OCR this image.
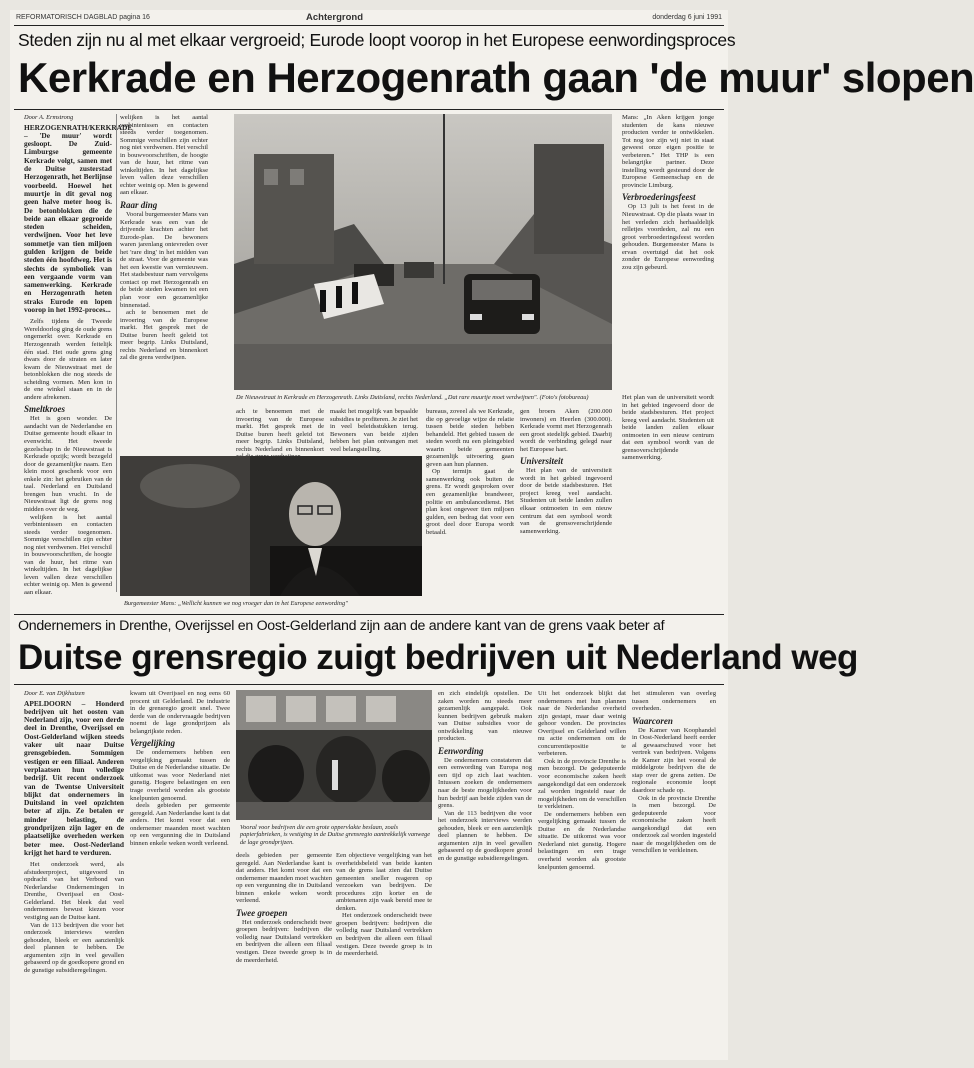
REFORMATORISCH DAGBLAD pagina 16	Achtergrond	donderdag 6 juni 1991
Steden zijn nu al met elkaar vergroeid; Eurode loopt voorop in het Europese eenwordingsproces
Kerkrade en Herzogenrath gaan 'de muur' slopen

Door A. Ermstrong

HERZOGENRATH/KERKRADE – 'De muur' wordt gesloopt. De Zuid-Limburgse gemeente Kerkrade volgt, samen met de Duitse zusterstad Herzogenrath, het Berlijnse voorbeeld. Hoewel het muurtje in dit geval nog geen halve meter hoog is. De betonblokken die de beide aan elkaar gegroeide steden scheiden, verdwijnen. Voor het leve sommetje van tien miljoen gulden krijgen de beide steden één hoofdweg. Het is slechts de symboliek van een vergaande vorm van samenwerking. Kerkrade en Herzogenrath heten straks Eurode en lopen voorop in het 1992-proces...

Zelfs tijdens de Tweede Wereldoorlog ging de oude grens ongemerkt over. Kerkrade en Herzogenrath werden feitelijk één stad. Het oude grens ging dwars door de straten en later kwam de Nieuwstraat met de betonblokken die nog steeds de scheiding vormen. Men kon in de ene winkel staan en in de andere afrekenen.

Smeltkroes

Het is goen wonder. De aandacht van de Nederlandse en Duitse gemeente houdt elkaar in evenwicht. Het tweede gezelschap in de Nieuwstraat is Kerkrade opzijk; wordt bezegeld door de gezamenlijke naam. Een klein mooi geschenk voor een enkele zin: het gebruiken van de taal. Nederland en Duitsland brengen hun vrucht. In de Nieuwstraat ligt de grens nog midden over de weg.

welijken is het aantal verbintenissen en contacten steeds verder toegenomen. Sommige verschillen zijn echter nog niet verdwenen. Het verschil in bouwvoorschriften, de hoogte van de huur, het ritme van winkeltijden. In het dagelijkse leven vallen deze verschillen echter weinig op. Men is gewend aan elkaar.

welijken is het aantal verbintenissen en contacten steeds verder toegenomen. Sommige verschillen zijn echter nog niet verdwenen. Het verschil in bouwvoorschriften, de hoogte van de huur, het ritme van winkeltijden. In het dagelijkse leven vallen deze verschillen echter weinig op. Men is gewend aan elkaar.

Raar ding

Vooral burgemeester Mans van Kerkrade was een van de drijvende krachten achter het Eurode-plan. De bewoners waren jarenlang ontevreden over het 'rare ding' in het midden van de straat. Voor de gemeente was het een kwestie van vernieuwen. Het stadsbestuur nam vervolgens contact op met Herzogenrath en de beide steden kwamen tot een plan voor een gezamenlijke binnenstad.

ach te benoemen met de invoering van de Europese markt. Het gesprek met de Duitse buren heeft geleid tot meer begrip. Links Duitsland, rechts Nederland en binnenkort zal die grens verdwijnen.

De Nieuwstraat in Kerkrade en Herzogenrath. Links Duitsland, rechts Nederland. „Dat rare muurtje moet verdwijnen". (Foto's fotobureau)

Mans: „In Aken krijgen jonge studenten de kans nieuwe producten verder te ontwikkelen. Tot nog toe zijn wij niet in staat geweest onze eigen positie te verbeteren." Het THP is een belangrijke partner. Deze instelling wordt gesteund door de Europese Gemeenschap en de provincie Limburg.

Verbroederingsfeest

Op 13 juli is het feest in de Nieuwstraat. Op die plaats waar in het verleden zich herhaaldelijk relletjes voordeden, zal nu een groot verbroederingsfeest worden gehouden. Burgemeester Mans is ervan overtuigd dat het ook zonder de Europese eenwording zou zijn gebeurd.

ach te benoemen met de invoering van de Europese markt. Het gesprek met de Duitse buren heeft geleid tot meer begrip. Links Duitsland, rechts Nederland en binnenkort

maakt het mogelijk van bepaalde subsidies te profiteren. Je ziet het in veel beleidsstukken terug. Bewoners van beide zijden hebben het plan ontvangen met veel belangstelling.

bureaus, zoveel als we Kerkrade, die op gevoelige wijze de relatie tussen beide steden hebben behandeld. Het gebied tussen de steden wordt nu een pleingebied waarin beide gemeenten gezamenlijk uitvoering gaan geven aan hun plannen.

Op termijn gaat de samenwerking ook buiten de grens. Er wordt gesproken over een gezamenlijke brandweer, politie en ambulancedienst. Het plan kost ongeveer tien miljoen gulden, een bedrag dat voor een groot deel door Europa wordt betaald.

gen broers Aken (200.000 inwoners) en Heerlen (300.000). Kerkrade vormt met Herzogenrath een groot stedelijk gebied. Daarbij wordt de verbinding gelegd naar het Europese hart.

Universiteit

Het plan van de universiteit wordt in het gebied ingevoerd door de beide stadsbesturen. Het project kreeg veel aandacht. Studenten uit beide landen zullen elkaar ontmoeten in een nieuw centrum dat een symbool wordt van de grensoverschrijdende samenwerking.

Het plan van de universiteit wordt in het gebied ingevoerd door de beide stadsbesturen. Het project kreeg veel aandacht. Studenten uit beide landen zullen elkaar ontmoeten in een nieuw centrum dat een symbool wordt van de grensoverschrijdende samenwerking.

Burgemeester Mans: „Wellicht kunnen we nog vroeger dan in het Europese eenwording"
Ondernemers in Drenthe, Overijssel en Oost-Gelderland zijn aan de andere kant van de grens vaak beter af
Duitse grensregio zuigt bedrijven uit Nederland weg

Door E. van Dijkhuizen

APELDOORN – Honderd bedrijven uit het oosten van Nederland zijn, voor een derde deel in Drenthe, Overijssel en Oost-Gelderland wijken steeds vaker uit naar Duitse grensgebieden. Sommigen vestigen er een filiaal. Anderen verplaatsen hun volledige bedrijf. Uit recent onderzoek van de Twentse Universiteit blijkt dat ondernemers in Duitsland in veel opzichten beter af zijn. Ze betalen er minder belasting, de grondprijzen zijn lager en de plaatselijke overheden werken beter mee. Oost-Nederland krijgt het hard te verduren.

Het onderzoek werd, als afstudeerproject, uitgevoerd in opdracht van het Verbond van Nederlandse Ondernemingen in Drenthe, Overijssel en Oost-Gelderland. Het bleek dat veel ondernemers bewust kiezen voor vestiging aan de Duitse kant.

Van de 113 bedrijven die voor het onderzoek interviews werden gehouden, bleek er een aanzienlijk deel plannen te hebben. De argumenten zijn in veel gevallen gebaseerd op de goedkopere grond en de gunstige subsidieregelingen.

kwam uit Overijssel en nog eens 60 procent uit Gelderland. De industrie in de grensregio groeit snel. Twee derde van de ondervraagde bedrijven noemt de lage grondprijzen als belangrijkste reden.

Vergelijking

De ondernemers hebben een vergelijking gemaakt tussen de Duitse en de Nederlandse situatie. De uitkomst was voor Nederland niet gunstig. Hogere belastingen en een trage overheid worden als grootste knelpunten genoemd.

deels gebieden per gemeente geregeld. Aan Nederlandse kant is dat anders. Het komt voor dat een ondernemer maanden moet wachten op een vergunning die in Duitsland binnen enkele weken wordt verleend.

Vooral voor bedrijven die een grote oppervlakte beslaan, zoals papierfabrieken, is vestiging in de Duitse grensregio aantrekkelijk vanwege de lage grondprijzen.

deels gebieden per gemeente geregeld. Aan Nederlandse kant is dat anders. Het komt voor dat een ondernemer maanden moet wachten op een vergunning die in Duitsland binnen enkele weken wordt verleend.

Twee groepen

Het onderzoek onderscheidt twee groepen bedrijven: bedrijven die volledig naar Duitsland vertrekken en bedrijven die alleen een filiaal vestigen. Deze tweede groep is in de meerderheid.

Een objectieve vergelijking van het overheidsbeleid van beide kanten van de grens laat zien dat Duitse gemeenten sneller reageren op verzoeken van bedrijven. De procedures zijn korter en de ambtenaren zijn vaak bereid mee te denken.

Het onderzoek onderscheidt twee groepen bedrijven: bedrijven die volledig naar Duitsland vertrekken en bedrijven die alleen een filiaal vestigen. Deze tweede groep is in de meerderheid.

en zich eindelijk opstellen. De zaken worden nu steeds meer gezamenlijk aangepakt. Ook kunnen bedrijven gebruik maken van Duitse subsidies voor de ontwikkeling van nieuwe producten.

Eenwording

De ondernemers constateren dat een eenwording van Europa nog een tijd op zich laat wachten. Intussen zoeken de ondernemers naar de beste mogelijkheden voor hun bedrijf aan beide zijden van de grens.

Van de 113 bedrijven die voor het onderzoek interviews werden gehouden, bleek er een aanzienlijk deel plannen te hebben. De argumenten zijn in veel gevallen gebaseerd op de goedkopere grond en de gunstige subsidieregelingen.

Uit het onderzoek blijkt dat ondernemers met hun plannen naar de Nederlandse overheid zijn gestapt, maar daar weinig gehoor vonden. De provincies Overijssel en Gelderland willen nu actie ondernemen om de concurrentiepositie te verbeteren.

Ook in de provincie Drenthe is men bezorgd. De gedeputeerde voor economische zaken heeft aangekondigd dat een onderzoek zal worden ingesteld naar de mogelijkheden om de verschillen te verkleinen.

De ondernemers hebben een vergelijking gemaakt tussen de Duitse en de Nederlandse situatie. De uitkomst was voor Nederland niet gunstig. Hogere belastingen en een trage overheid worden als grootste knelpunten genoemd.

het stimuleren van overleg tussen ondernemers en overheden.

Waarcoren

De Kamer van Koophandel in Oost-Nederland heeft eerder al gewaarschuwd voor het vertrek van bedrijven. Volgens de Kamer zijn het vooral de middelgrote bedrijven die de stap over de grens zetten. De regionale economie loopt daardoor schade op.

Ook in de provincie Drenthe is men bezorgd. De gedeputeerde voor economische zaken heeft aangekondigd dat een onderzoek zal worden ingesteld naar de mogelijkheden om de verschillen te verkleinen.
